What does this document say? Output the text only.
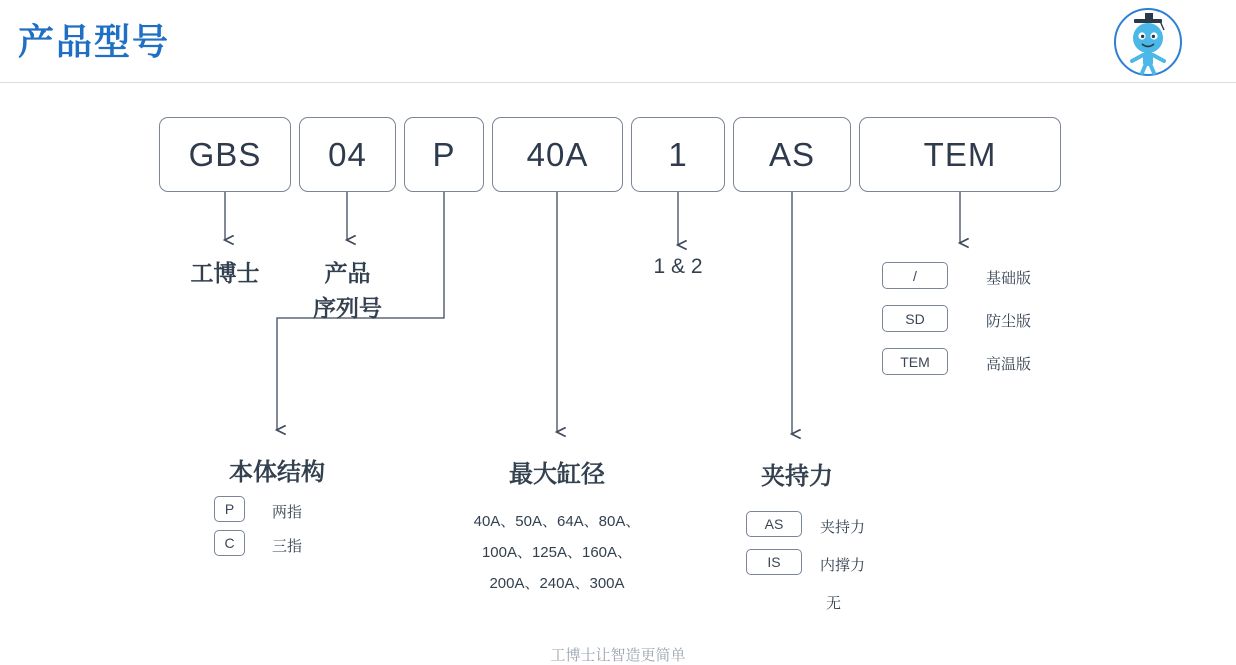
产品型号
GBS	04	P	40A	1	AS	TEM
工博士	产品
序列号
1 & 2
本体结构
P	两指
C	三指
最大缸径
40A、50A、64A、80A、
100A、125A、160A、
200A、240A、300A
夹持力
AS	夹持力
IS	内撑力
无
/	基础版
SD	防尘版
TEM	高温版
工博士让智造更简单
